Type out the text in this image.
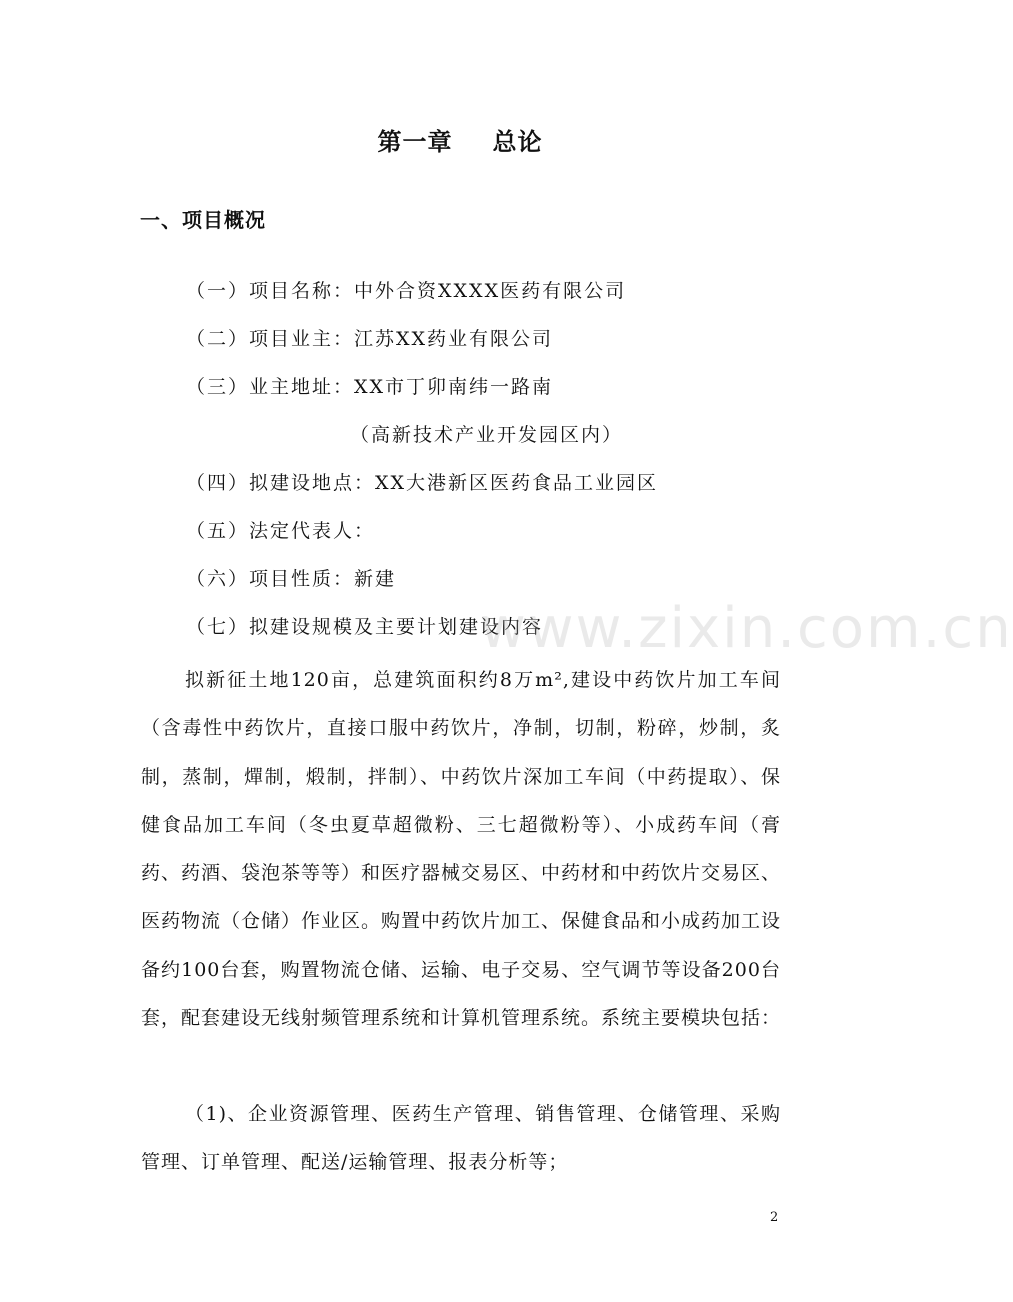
第一章 总论
一、项目概况
（一）项目名称：中外合资XXXX医药有限公司
（二）项目业主：江苏XX药业有限公司
（三）业主地址：XX市丁卯南纬一路南
（高新技术产业开发园区内）
（四）拟建设地点：XX大港新区医药食品工业园区
（五）法定代表人：
（六）项目性质：新建
（七）拟建设规模及主要计划建设内容
www.zixin.com.cn
拟新征土地120亩，总建筑面积约8万m²,建设中药饮片加工车间（含毒性中药饮片，直接口服中药饮片，净制，切制，粉碎，炒制，炙制，蒸制，燀制，煅制，拌制）、中药饮片深加工车间（中药提取）、保健食品加工车间（冬虫夏草超微粉、三七超微粉等）、小成药车间（膏药、药酒、袋泡茶等等）和医疗器械交易区、中药材和中药饮片交易区、医药物流（仓储）作业区。购置中药饮片加工、保健食品和小成药加工设备约100台套，购置物流仓储、运输、电子交易、空气调节等设备200台套，配套建设无线射频管理系统和计算机管理系统。系统主要模块包括：
（1)、企业资源管理、医药生产管理、销售管理、仓储管理、采购管理、订单管理、配送/运输管理、报表分析等；
2
